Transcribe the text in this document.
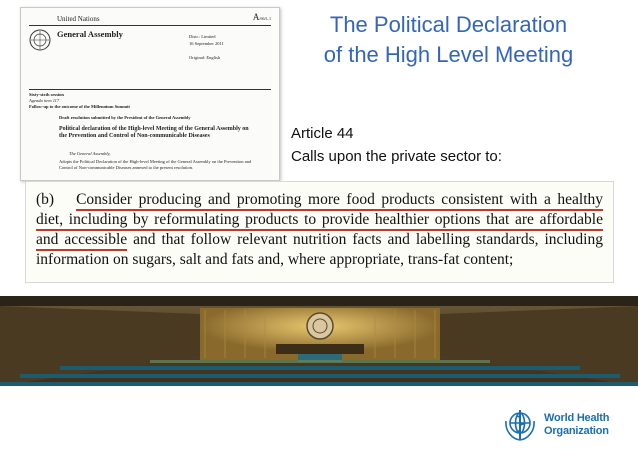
United Nations	A/66/L.1
General Assembly	Distr.: Limited
16 September 2011

Original: English
Sixty-sixth session
Agenda item 117
Follow-up to the outcome of the Millennium Summit
Draft resolution submitted by the President of the General Assembly
Political declaration of the High-level Meeting of the General Assembly on the Prevention and Control of Non-communicable Diseases
The General Assembly,
Adopts the Political Declaration of the High-level Meeting of the General Assembly on the Prevention and Control of Non-communicable Diseases annexed to the present resolution.
The Political Declaration
of the High Level Meeting
Article 44
Calls upon the private sector to:

(b) Consider producing and promoting more food products consistent with a healthy diet, including by reformulating products to provide healthier options that are affordable and accessible and that follow relevant nutrition facts and labelling standards, including information on sugars, salt and fats and, where appropriate, trans-fat content;

World Health
Organization
